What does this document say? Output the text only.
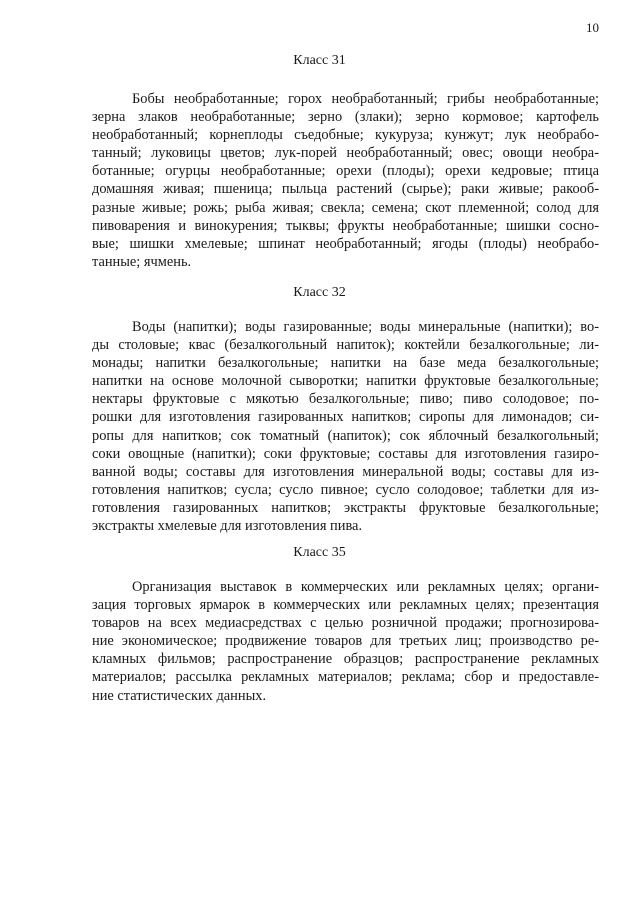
10
Класс 31
Бобы необработанные; горох необработанный; грибы необработанные;
зерна злаков необработанные; зерно (злаки); зерно кормовое; картофель
необработанный; корнеплоды съедобные; кукуруза; кунжут; лук необрабо-
танный; луковицы цветов; лук-порей необработанный; овес; овощи необра-
ботанные; огурцы необработанные; орехи (плоды); орехи кедровые; птица
домашняя живая; пшеница; пыльца растений (сырье); раки живые; ракооб-
разные живые; рожь; рыба живая; свекла; семена; скот племенной; солод для
пивоварения и винокурения; тыквы; фрукты необработанные; шишки сосно-
вые; шишки хмелевые; шпинат необработанный; ягоды (плоды) необрабо-
танные; ячмень.
Класс 32
Воды (напитки); воды газированные; воды минеральные (напитки); во-
ды столовые; квас (безалкогольный напиток); коктейли безалкогольные; ли-
монады; напитки безалкогольные; напитки на базе меда безалкогольные;
напитки на основе молочной сыворотки; напитки фруктовые безалкогольные;
нектары фруктовые с мякотью безалкогольные; пиво; пиво солодовое; по-
рошки для изготовления газированных напитков; сиропы для лимонадов; си-
ропы для напитков; сок томатный (напиток); сок яблочный безалкогольный;
соки овощные (напитки); соки фруктовые; составы для изготовления газиро-
ванной воды; составы для изготовления минеральной воды; составы для из-
готовления напитков; сусла; сусло пивное; сусло солодовое; таблетки для из-
готовления газированных напитков; экстракты фруктовые безалкогольные;
экстракты хмелевые для изготовления пива.
Класс 35
Организация выставок в коммерческих или рекламных целях; органи-
зация торговых ярмарок в коммерческих или рекламных целях; презентация
товаров на всех медиасредствах с целью розничной продажи; прогнозирова-
ние экономическое; продвижение товаров для третьих лиц; производство ре-
кламных фильмов; распространение образцов; распространение рекламных
материалов; рассылка рекламных материалов; реклама; сбор и предоставле-
ние статистических данных.
